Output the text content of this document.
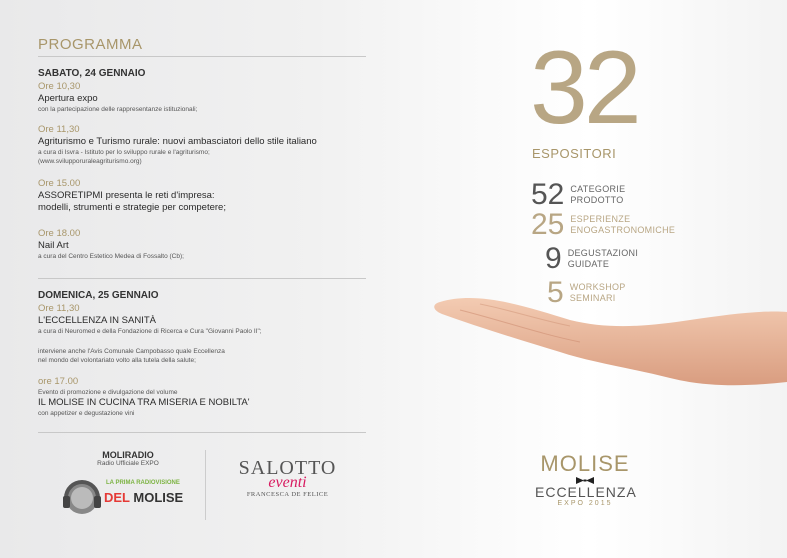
PROGRAMMA
SABATO, 24 GENNAIO
Ore 10,30
Apertura expo
con la partecipazione delle rappresentanze istituzionali;
Ore 11,30
Agriturismo e Turismo rurale: nuovi ambasciatori dello stile italiano
a cura di Isvra - Istituto per lo sviluppo rurale e l'agriturismo;
(www.svilupporuraleagriturismo.org)
Ore 15.00
ASSORETIPMI presenta le reti d'impresa:
modelli, strumenti e strategie per competere;
Ore 18.00
Nail Art
a cura del Centro Estetico Medea di Fossalto (Cb);
DOMENICA, 25 GENNAIO
Ore 11,30
L'ECCELLENZA IN SANITÀ
a cura di Neuromed e della Fondazione di Ricerca e Cura "Giovanni Paolo II";
interviene anche l'Avis Comunale Campobasso quale Eccellenza
nel mondo del volontariato volto alla tutela della salute;
ore 17.00
Evento di promozione e divulgazione del volume
IL MOLISE IN CUCINA TRA MISERIA E NOBILTA'
con appetizer e degustazione vini
MOLIRADIO
Radio Ufficiale EXPO
LA PRIMA RADIOVISIONE
DEL MOLISE
SALOTTO
eventi
FRANCESCA DE FELICE
32
ESPOSITORI
52 CATEGORIE
PRODOTTO
25 ESPERIENZE
ENOGASTRONOMICHE
9 DEGUSTAZIONI
GUIDATE
5 WORKSHOP
SEMINARI
MOLISE
ECCELLENZA
EXPO 2015
